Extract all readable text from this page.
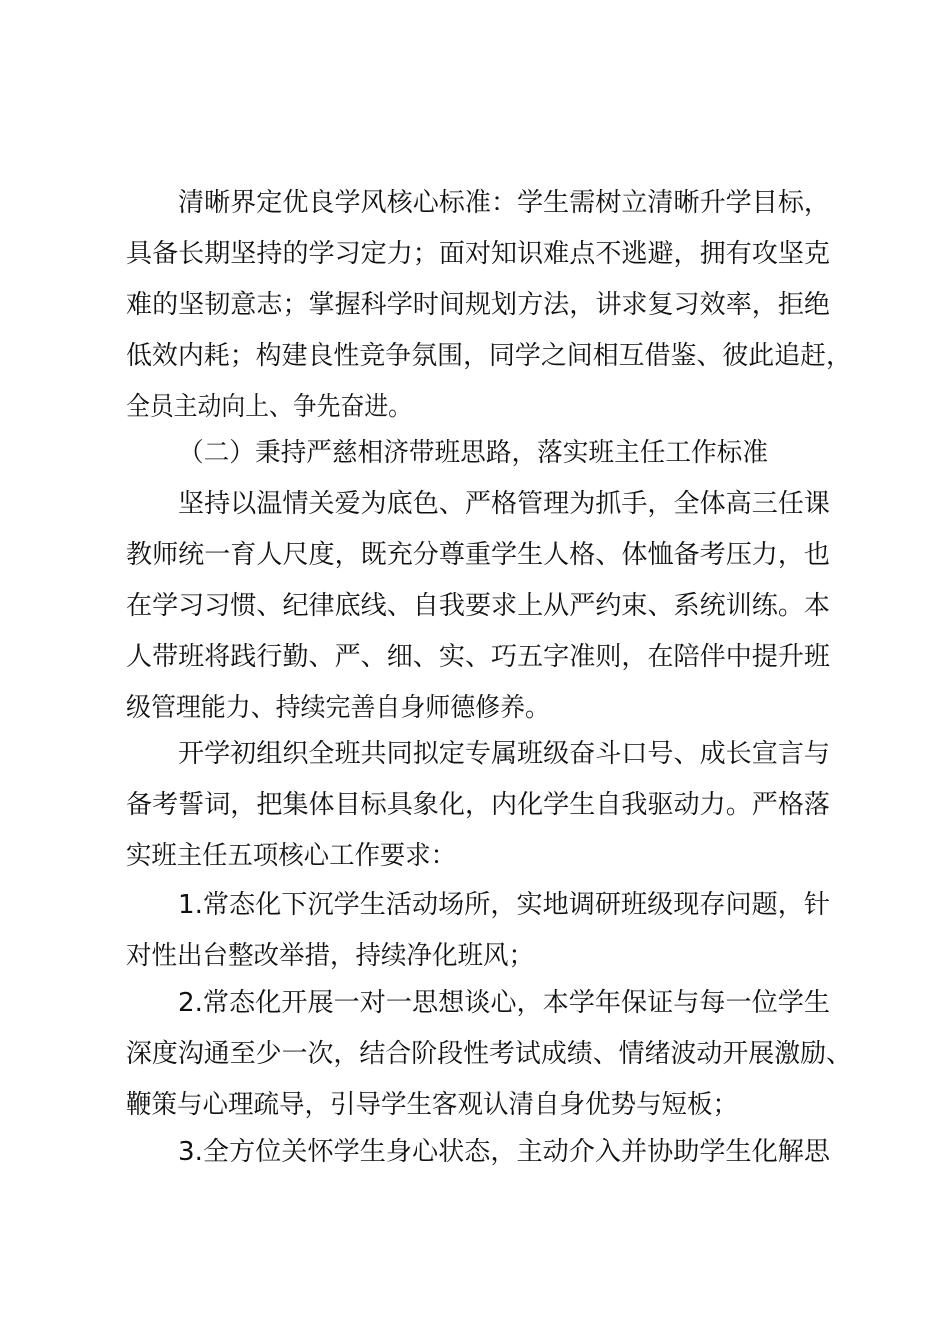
清晰界定优良学风核心标准：学生需树立清晰升学目标，
具备长期坚持的学习定力；面对知识难点不逃避，拥有攻坚克
难的坚韧意志；掌握科学时间规划方法，讲求复习效率，拒绝
低效内耗；构建良性竞争氛围，同学之间相互借鉴、彼此追赶，
全员主动向上、争先奋进。
（二）秉持严慈相济带班思路，落实班主任工作标准
坚持以温情关爱为底色、严格管理为抓手，全体高三任课
教师统一育人尺度，既充分尊重学生人格、体恤备考压力，也
在学习习惯、纪律底线、自我要求上从严约束、系统训练。本
人带班将践行勤、严、细、实、巧五字准则，在陪伴中提升班
级管理能力、持续完善自身师德修养。
开学初组织全班共同拟定专属班级奋斗口号、成长宣言与
备考誓词，把集体目标具象化，内化学生自我驱动力。严格落
实班主任五项核心工作要求：
1.常态化下沉学生活动场所，实地调研班级现存问题，针
对性出台整改举措，持续净化班风；
2.常态化开展一对一思想谈心，本学年保证与每一位学生
深度沟通至少一次，结合阶段性考试成绩、情绪波动开展激励、
鞭策与心理疏导，引导学生客观认清自身优势与短板；
3.全方位关怀学生身心状态，主动介入并协助学生化解思
